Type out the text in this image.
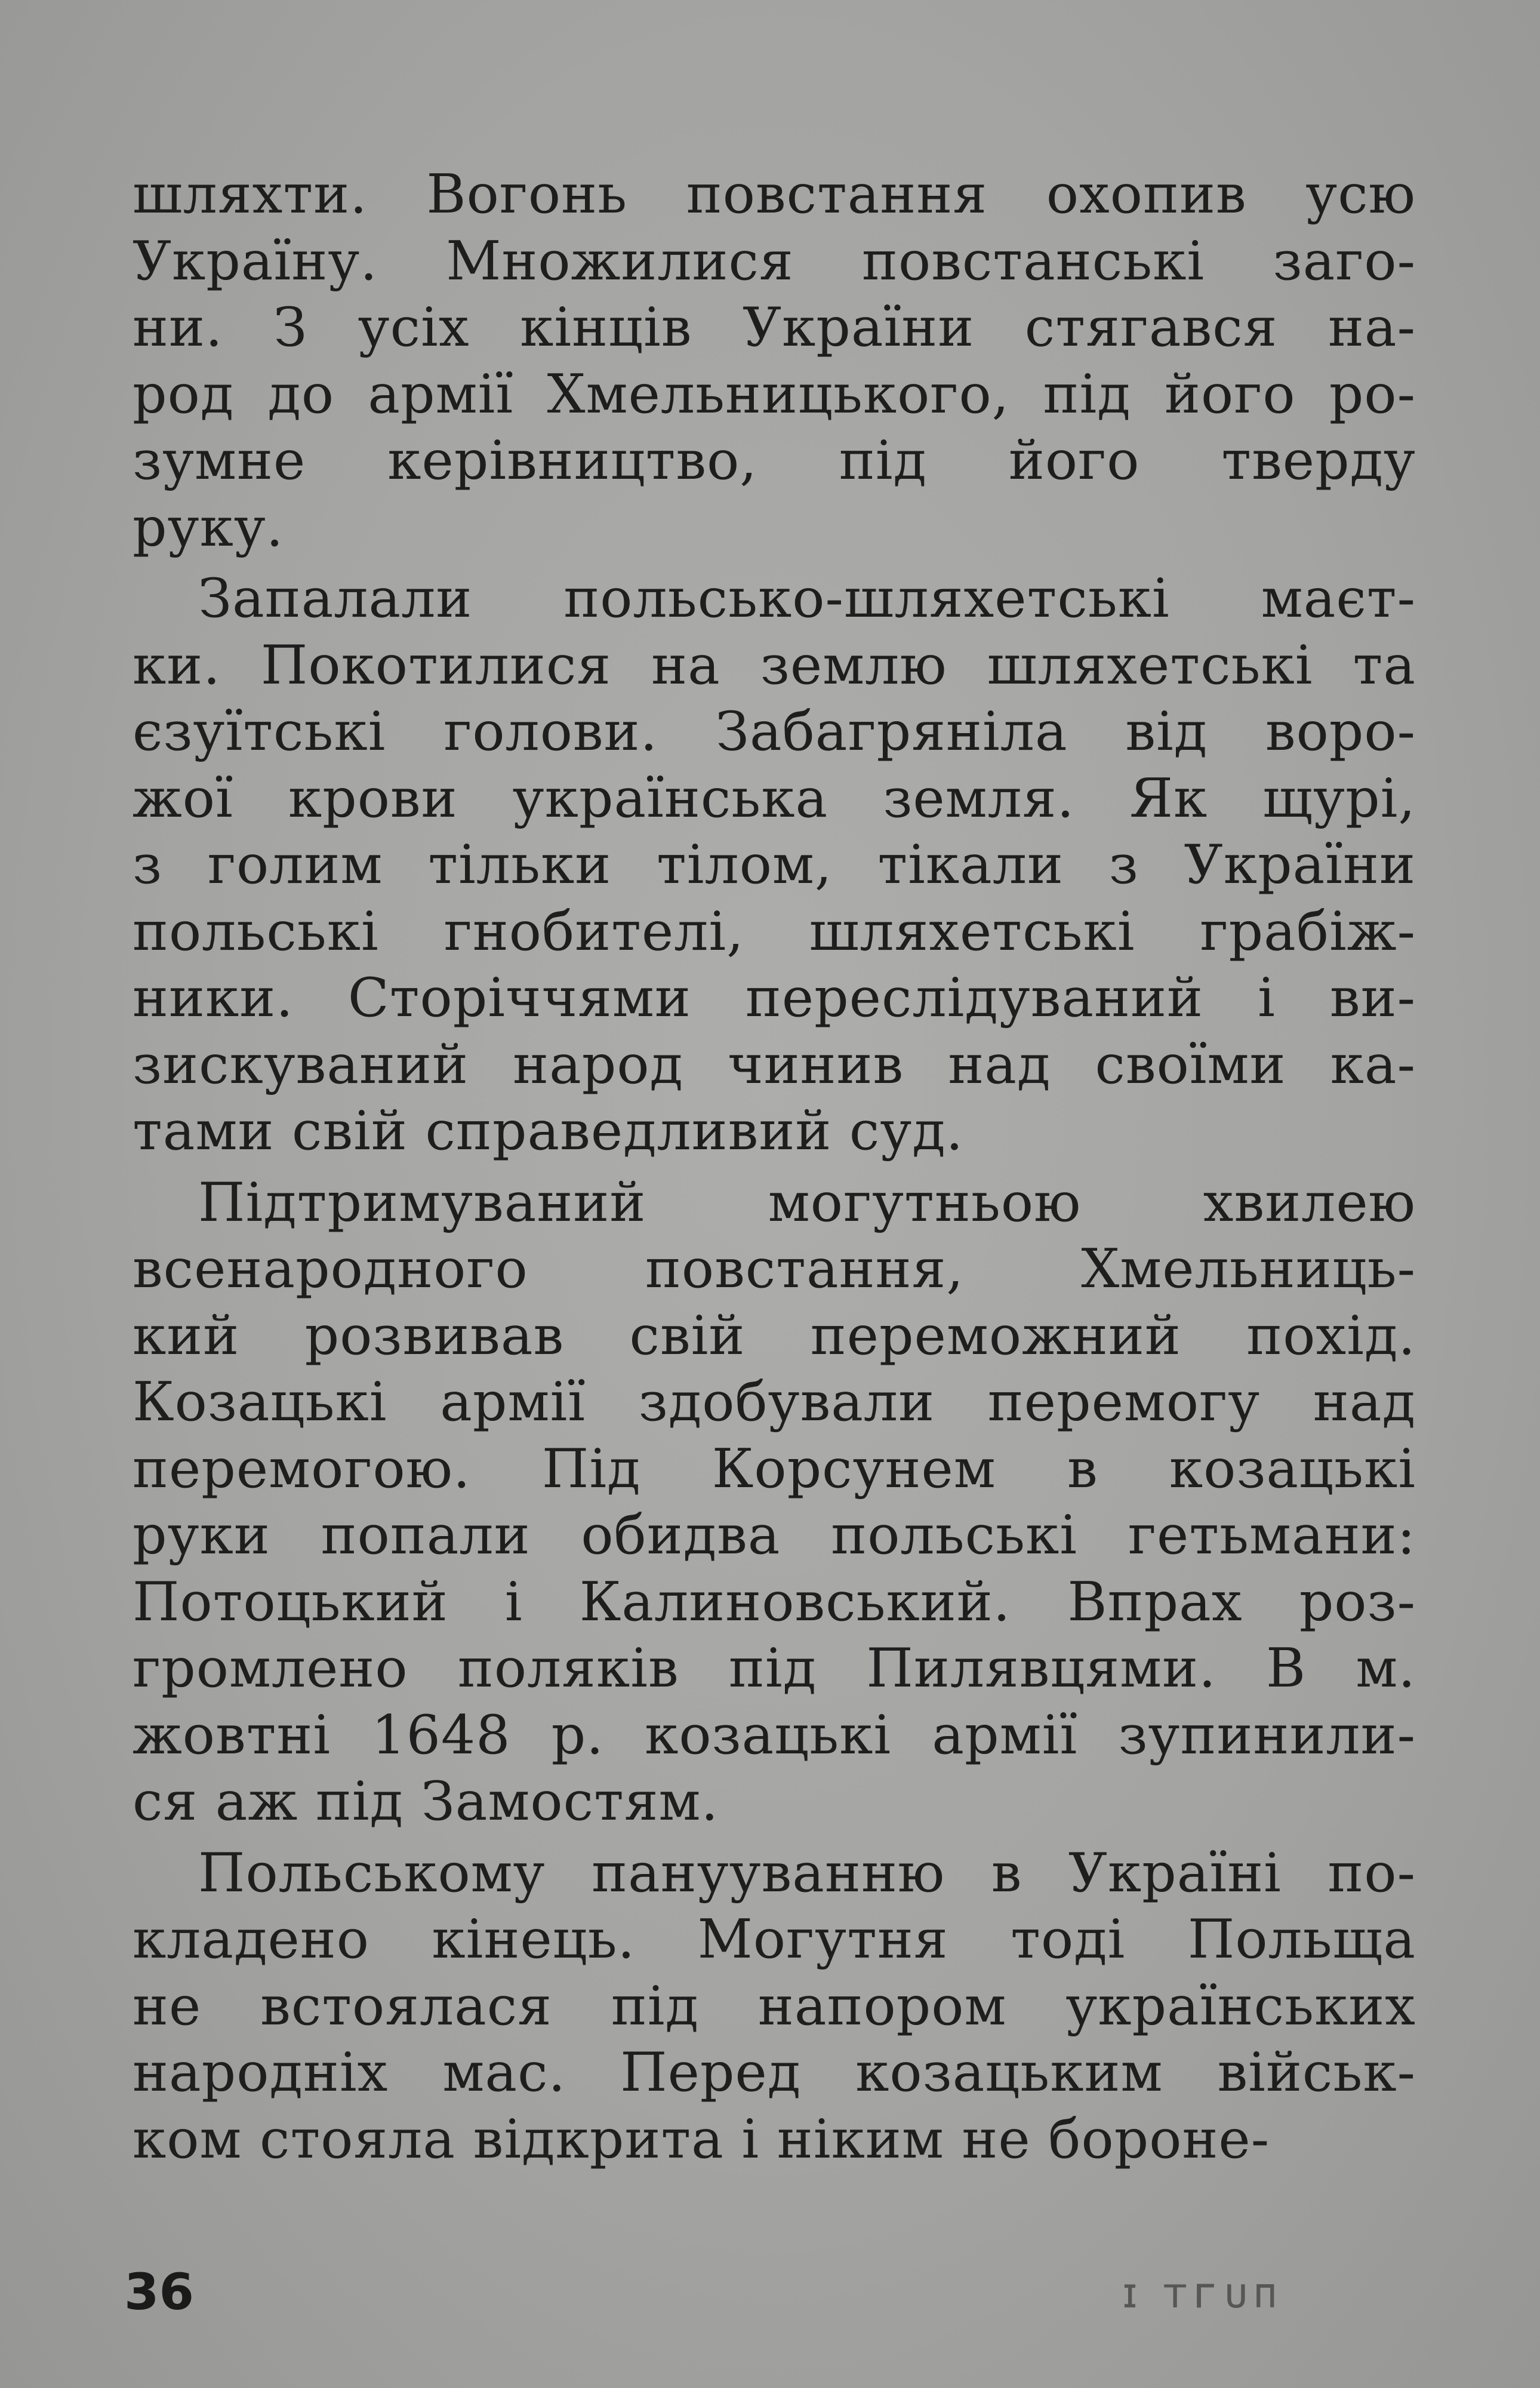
шляхти. Вогонь повстання охопив усю
Україну. Множилися повстанські заго-
ни. З усіх кінців України стягався на-
род до армії Хмельницького, під його ро-
зумне керівництво, під його тверду
руку.
Запалали польсько-шляхетські маєт-
ки. Покотилися на землю шляхетські та
єзуїтські голови. Забагряніла від воро-
жої крови українська земля. Як щурі,
з голим тільки тілом, тікали з України
польські гнобителі, шляхетські грабіж-
ники. Сторіччями переслідуваний і ви-
зискуваний народ чинив над своїми ка-
тами свій справедливий суд.
Підтримуваний могутньою хвилею
всенародного повстання, Хмельниць-
кий розвивав свій переможний похід.
Козацькі армії здобували перемогу над
перемогою. Під Корсунем в козацькі
руки попали обидва польські гетьмани:
Потоцький і Калиновський. Впрах роз-
громлено поляків під Пилявцями. В м.
жовтні 1648 р. козацькі армії зупинили-
ся аж під Замостям.
Польському панууванню в Україні по-
кладено кінець. Могутня тоді Польща
не встоялася під напором українських
народніх мас. Перед козацьким військ-
ком стояла відкрита і ніким не бороне-
36	ɪ ᴛᴦᴜᴨ
